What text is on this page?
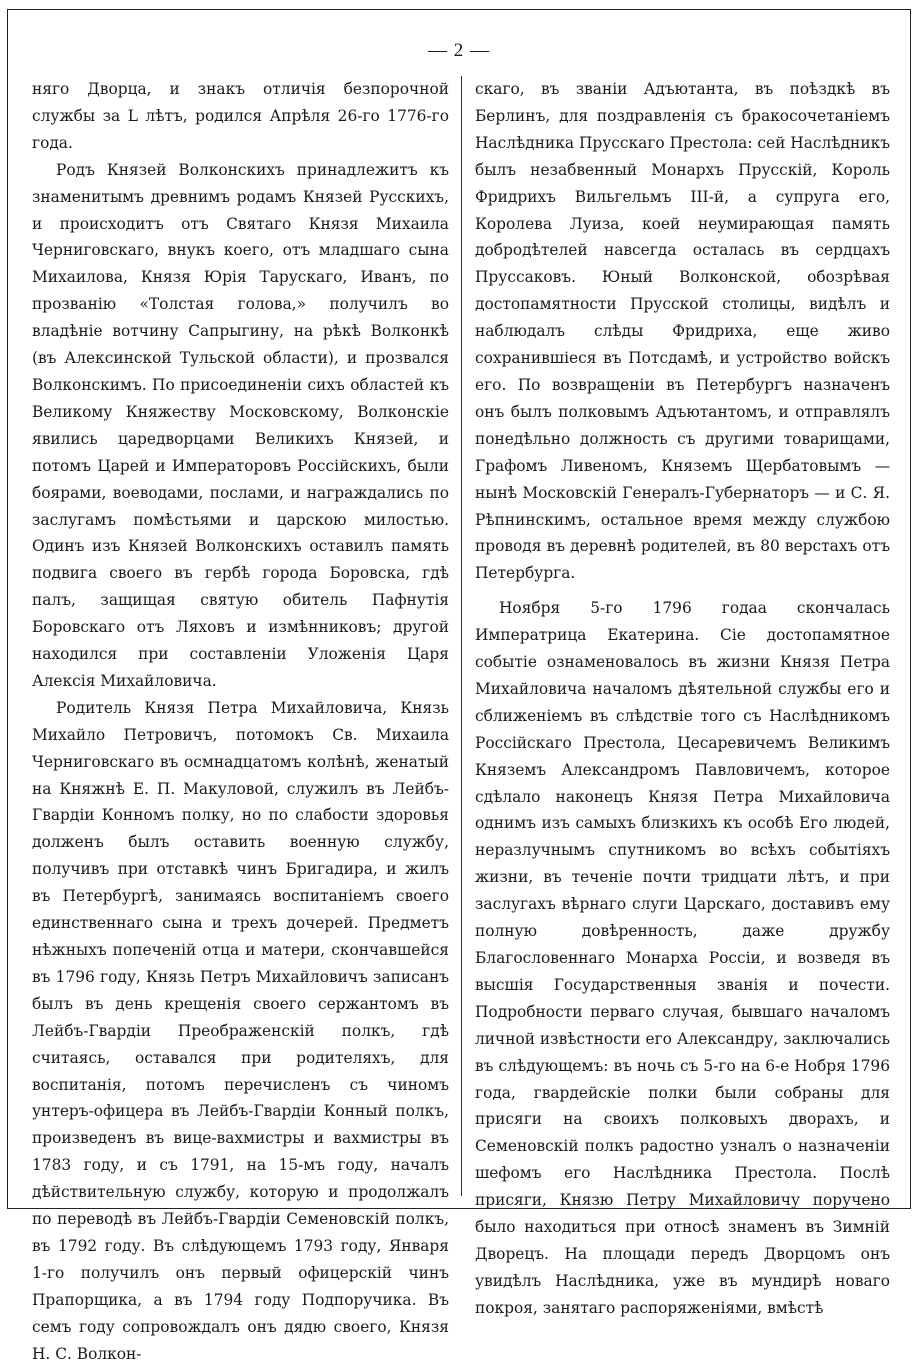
— 2 —

няго Дворца, и знакъ отличія безпорочной службы за L лѣтъ, родился Апрѣля 26-го 1776-го года.

Родъ Князей Волконскихъ принадлежитъ къ знаменитымъ древнимъ родамъ Князей Русскихъ, и происходитъ отъ Святаго Князя Михаила Черниговскаго, внукъ коего, отъ младшаго сына Михаилова, Князя Юрія Тарускаго, Иванъ, по прозванію «Толстая голова,» получилъ во владѣніе вотчину Сапрыгину, на рѣкѣ Волконкѣ (въ Алексинской Тульской области), и прозвался Волконскимъ. По присоединеніи сихъ областей къ Великому Княжеству Московскому, Волконскіе явились царедворцами Великихъ Князей, и потомъ Царей и Императоровъ Россійскихъ, были боярами, воеводами, послами, и награждались по заслугамъ помѣстьями и царскою милостью. Одинъ изъ Князей Волконскихъ оставилъ память подвига своего въ гербѣ города Боровска, гдѣ палъ, защищая святую обитель Пафнутія Боровскаго отъ Ляховъ и измѣнниковъ; другой находился при составленіи Уложенія Царя Алексія Михайловича.

Родитель Князя Петра Михайловича, Князь Михайло Петровичъ, потомокъ Св. Михаила Черниговскаго въ осмнадцатомъ колѣнѣ, женатый на Княжнѣ Е. П. Макуловой, служилъ въ Лейбъ-Гвардіи Конномъ полку, но по слабости здоровья долженъ былъ оставить военную службу, получивъ при отставкѣ чинъ Бригадира, и жилъ въ Петербургѣ, занимаясь воспитаніемъ своего единственнаго сына и трехъ дочерей. Предметъ нѣжныхъ попеченій отца и матери, скончавшейся въ 1796 году, Князь Петръ Михайловичъ записанъ былъ въ день крещенія своего сержантомъ въ Лейбъ-Гвардіи Преображенскій полкъ, гдѣ считаясь, оставался при родителяхъ, для воспитанія, потомъ перечисленъ съ чиномъ унтеръ-офицера въ Лейбъ-Гвардіи Конный полкъ, произведенъ въ вице-вахмистры и вахмистры въ 1783 году, и съ 1791, на 15-мъ году, началъ дѣйствительную службу, которую и продолжалъ по переводѣ въ Лейбъ-Гвардіи Семеновскій полкъ, въ 1792 году. Въ слѣдующемъ 1793 году, Января 1-го получилъ онъ первый офицерскій чинъ Прапорщика, а въ 1794 году Подпоручика. Въ семъ году сопровождалъ онъ дядю своего, Князя Н. С. Волкон-

скаго, въ званіи Адъютанта, въ поѣздкѣ въ Берлинъ, для поздравленія съ бракосочетаніемъ Наслѣдника Прусскаго Престола: сей Наслѣдникъ былъ незабвенный Монархъ Прусскій, Король Фридрихъ Вильгельмъ III-й, а супруга его, Королева Луиза, коей неумирающая память добродѣтелей навсегда осталась въ сердцахъ Пруссаковъ. Юный Волконской, обозрѣвая достопамятности Прусской столицы, видѣлъ и наблюдалъ слѣды Фридриха, еще живо сохранившіеся въ Потсдамѣ, и устройство войскъ его. По возвращеніи въ Петербургъ назначенъ онъ былъ полковымъ Адъютантомъ, и отправлялъ понедѣльно должность съ другими товарищами, Графомъ Ливеномъ, Княземъ Щербатовымъ — нынѣ Московскій Генералъ-Губернаторъ — и С. Я. Рѣпнинскимъ, остальное время между службою проводя въ деревнѣ родителей, въ 80 верстахъ отъ Петербурга.

Ноября 5-го 1796 годаа скончалась Императрица Екатерина. Сіе достопамятное событіе ознаменовалось въ жизни Князя Петра Михайловича началомъ дѣятельной службы его и сближеніемъ въ слѣдствіе того съ Наслѣдникомъ Россійскаго Престола, Цесаревичемъ Великимъ Княземъ Александромъ Павловичемъ, которое сдѣлало наконецъ Князя Петра Михайловича однимъ изъ самыхъ близкихъ къ особѣ Его людей, неразлучнымъ спутникомъ во всѣхъ событіяхъ жизни, въ теченіе почти тридцати лѣтъ, и при заслугахъ вѣрнаго слуги Царскаго, доставивъ ему полную довѣренность, даже дружбу Благословеннаго Монарха Россіи, и возведя въ высшія Государственныя званія и почести. Подробности перваго случая, бывшаго началомъ личной извѣстности его Александру, заключались въ слѣдующемъ: въ ночь съ 5-го на 6-е Нобря 1796 года, гвардейскіе полки были собраны для присяги на своихъ полковыхъ дворахъ, и Семеновскій полкъ радостно узналъ о назначеніи шефомъ его Наслѣдника Престола. Послѣ присяги, Князю Петру Михайловичу поручено было находиться при относѣ знаменъ въ Зимній Дворецъ. На площади передъ Дворцомъ онъ увидѣлъ Наслѣдника, уже въ мундирѣ новаго покроя, занятаго распоряженіями, вмѣстѣ
